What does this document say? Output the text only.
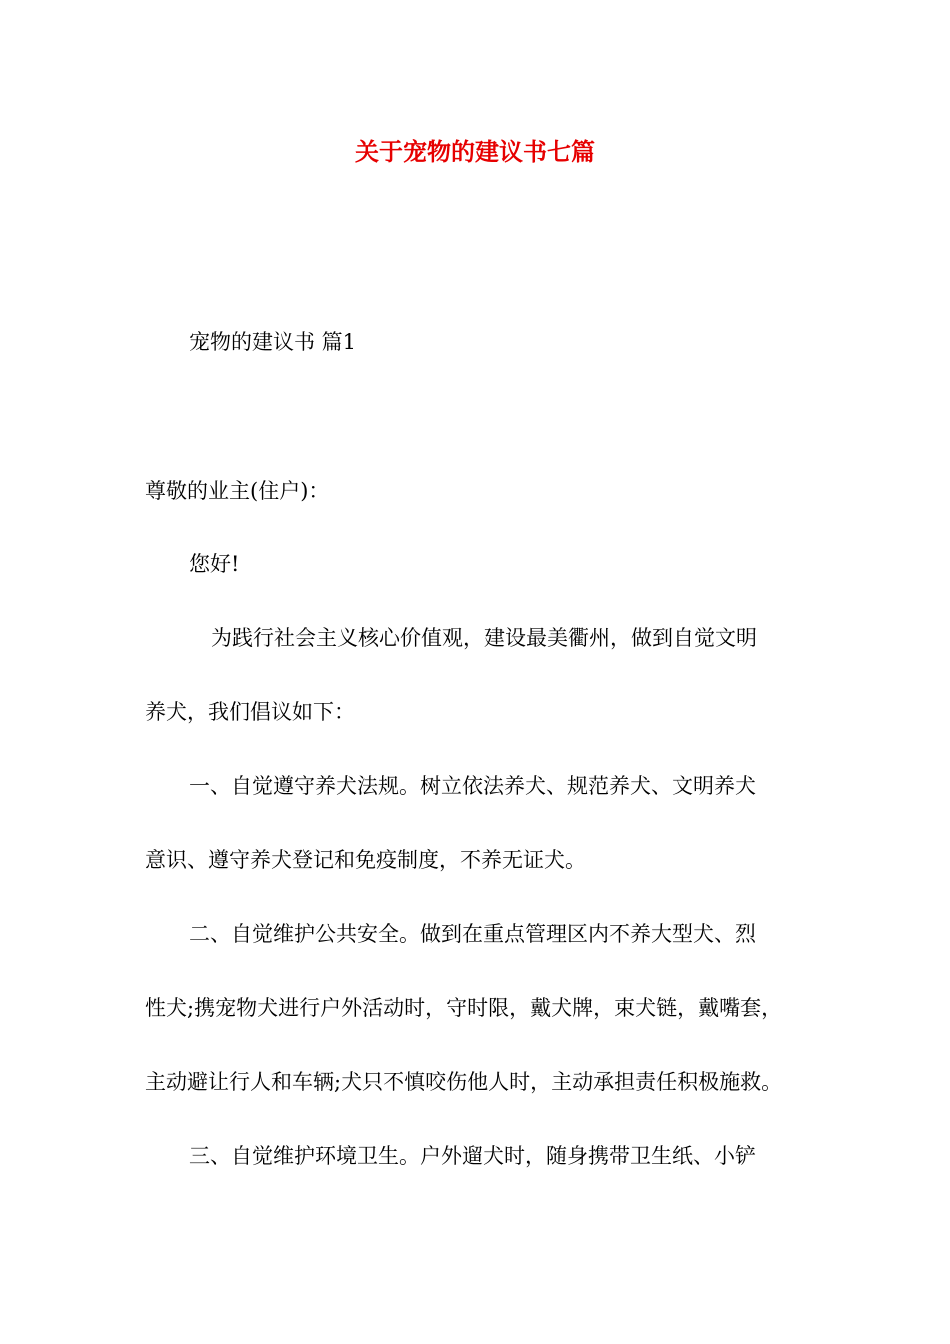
关于宠物的建议书七篇
宠物的建议书 篇1
尊敬的业主(住户)：
您好!
为践行社会主义核心价值观，建设最美衢州，做到自觉文明
养犬，我们倡议如下：
一、自觉遵守养犬法规。树立依法养犬、规范养犬、文明养犬
意识、遵守养犬登记和免疫制度，不养无证犬。
二、自觉维护公共安全。做到在重点管理区内不养大型犬、烈
性犬;携宠物犬进行户外活动时，守时限，戴犬牌，束犬链，戴嘴套，
主动避让行人和车辆;犬只不慎咬伤他人时，主动承担责任积极施救。
三、自觉维护环境卫生。户外遛犬时，随身携带卫生纸、小铲
